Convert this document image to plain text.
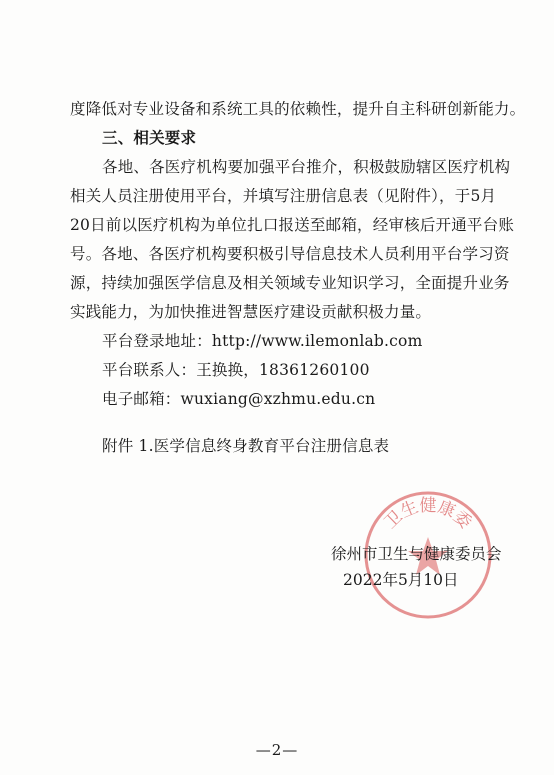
度降低对专业设备和系统工具的依赖性，提升自主科研创新能力。
三、相关要求
各地、各医疗机构要加强平台推介，积极鼓励辖区医疗机构
相关人员注册使用平台，并填写注册信息表（见附件），于5月
20日前以医疗机构为单位扎口报送至邮箱，经审核后开通平台账
号。各地、各医疗机构要积极引导信息技术人员利用平台学习资
源，持续加强医学信息及相关领域专业知识学习，全面提升业务
实践能力，为加快推进智慧医疗建设贡献积极力量。
平台登录地址：http://www.ilemonlab.com
平台联系人：王换换，18361260100
电子邮箱：wuxiang@xzhmu.edu.cn
附件 1.医学信息终身教育平台注册信息表
卫生健康委
徐州市卫生与健康委员会
2022年5月10日
—2—
